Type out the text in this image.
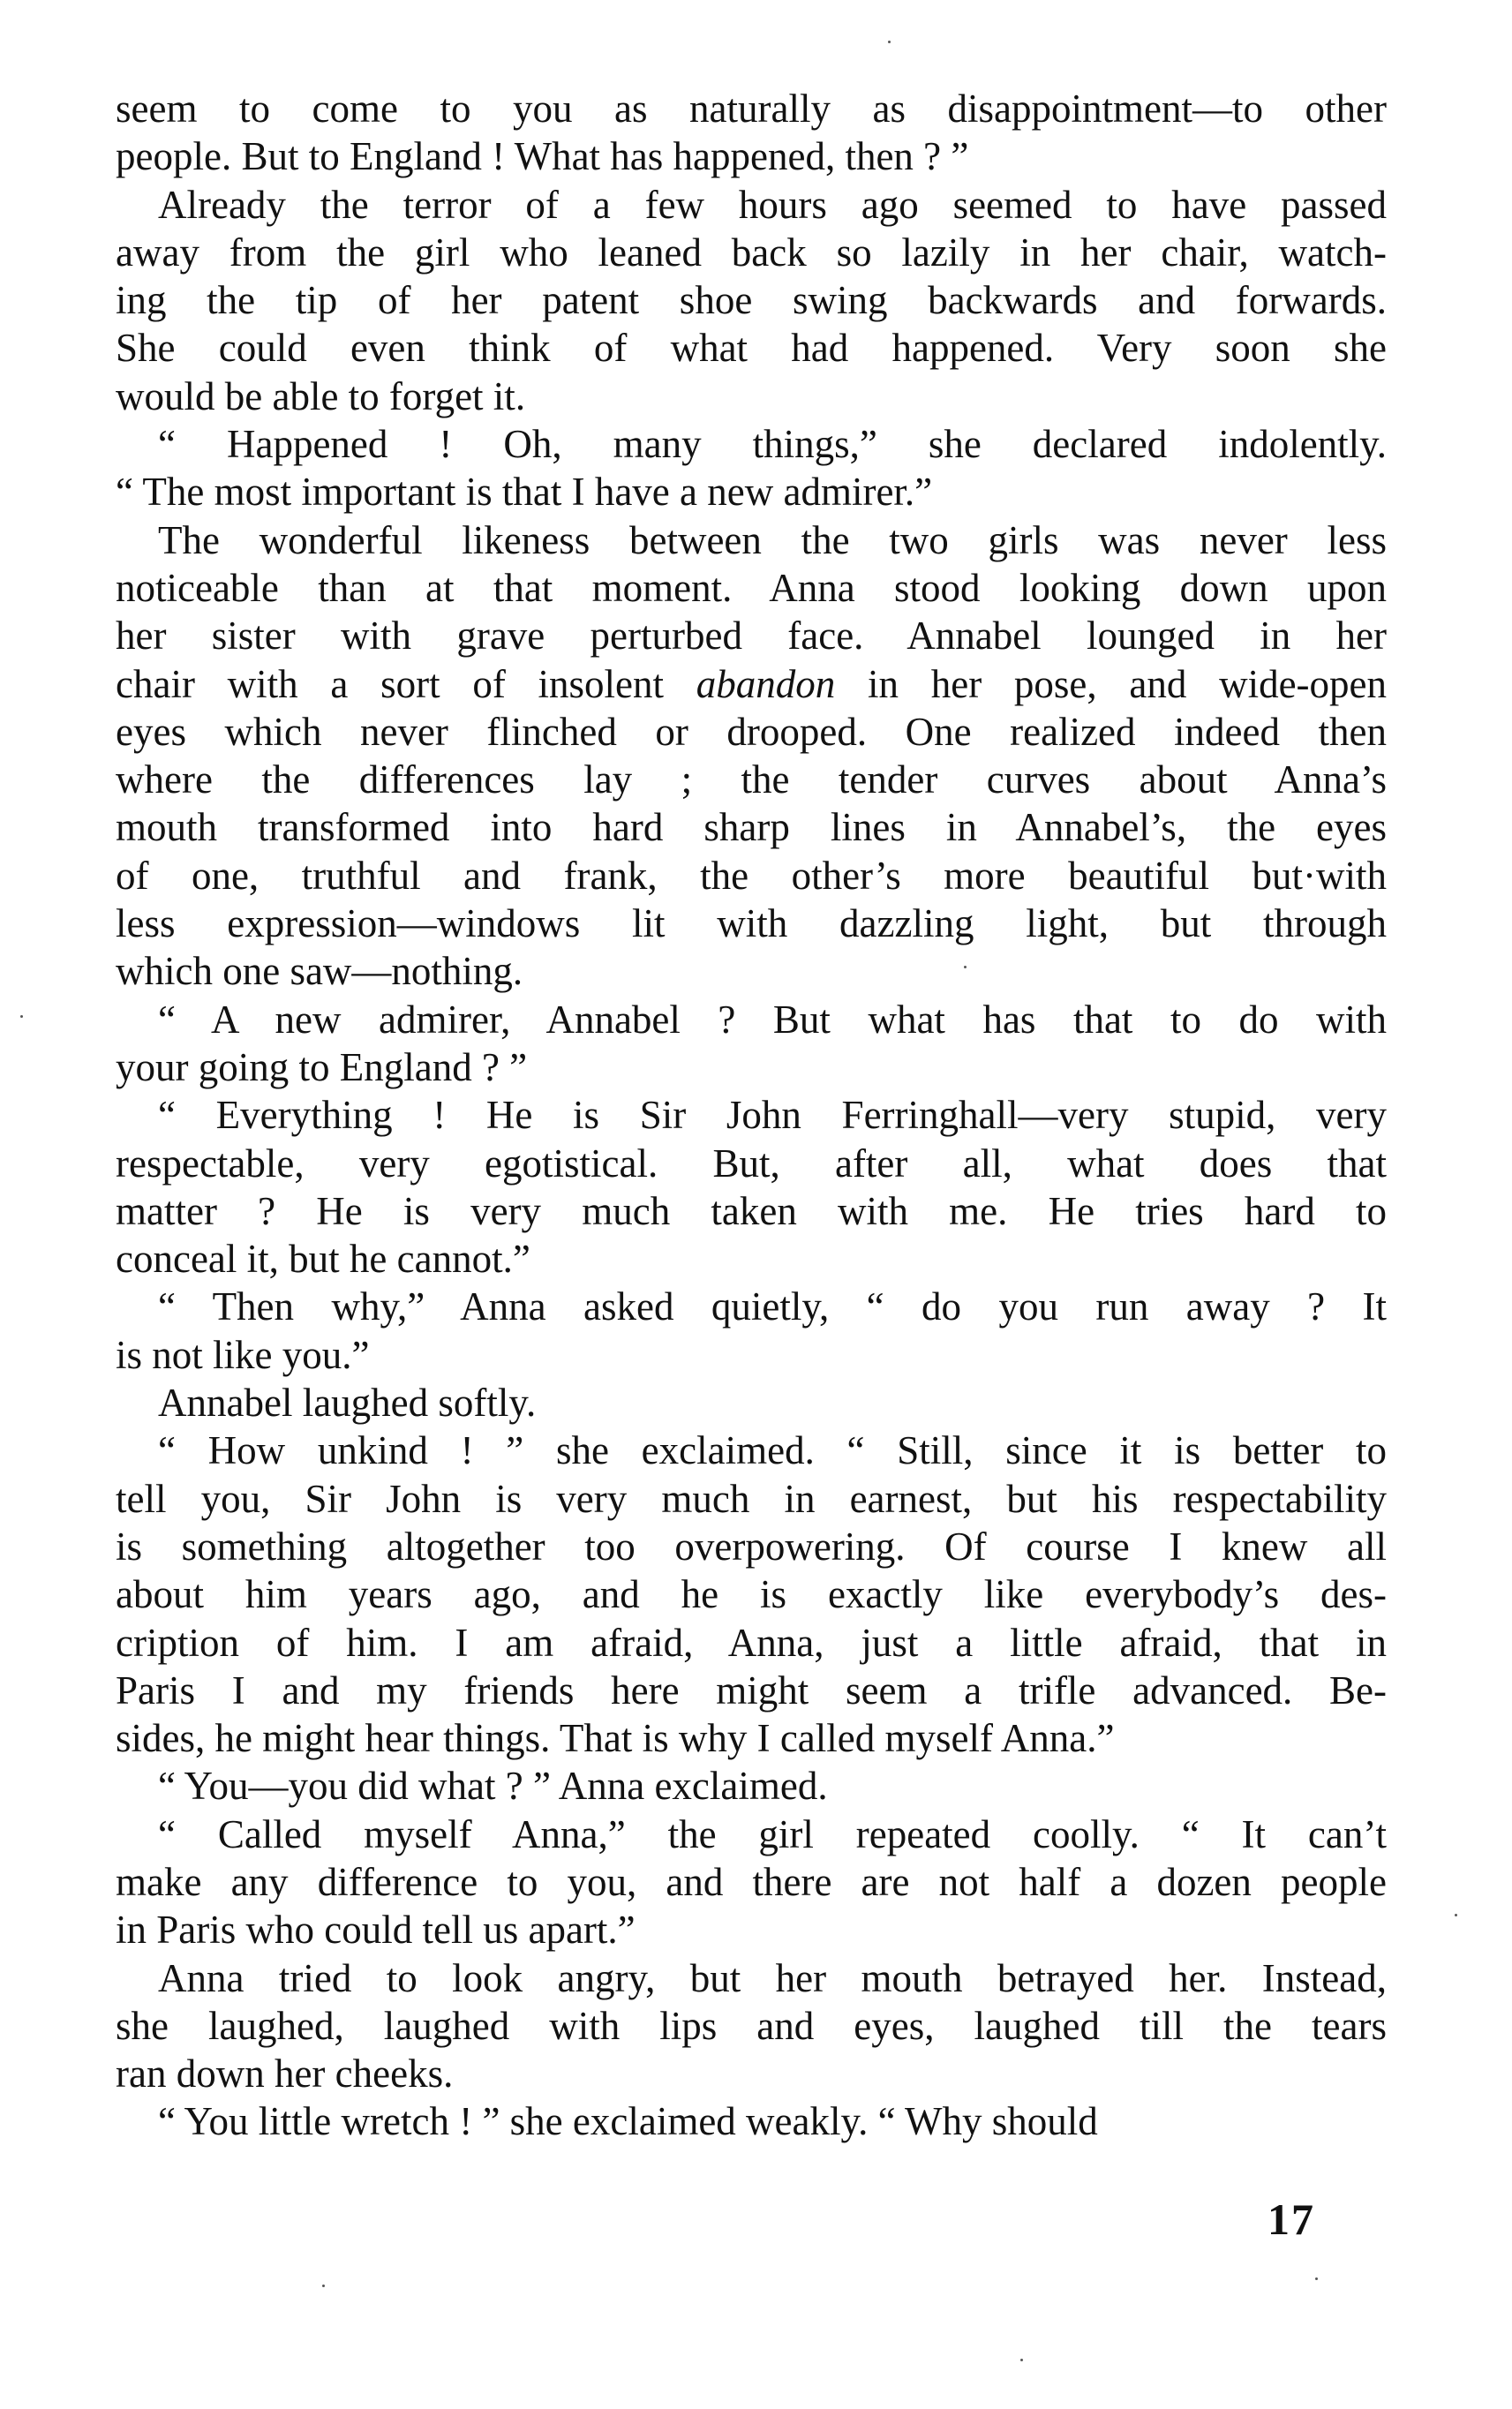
seem to come to you as naturally as disappointment—to other
people. But to England ! What has happened, then ? ”

Already the terror of a few hours ago seemed to have passed
away from the girl who leaned back so lazily in her chair, watch-
ing the tip of her patent shoe swing backwards and forwards.
She could even think of what had happened. Very soon she
would be able to forget it.

“ Happened ! Oh, many things,” she declared indolently.
“ The most important is that I have a new admirer.”

The wonderful likeness between the two girls was never less
noticeable than at that moment. Anna stood looking down upon
her sister with grave perturbed face. Annabel lounged in her
chair with a sort of insolent abandon in her pose, and wide-open
eyes which never flinched or drooped. One realized indeed then
where the differences lay ; the tender curves about Anna’s
mouth transformed into hard sharp lines in Annabel’s, the eyes
of one, truthful and frank, the other’s more beautiful but·with
less expression—windows lit with dazzling light, but through
which one saw—nothing.

“ A new admirer, Annabel ? But what has that to do with
your going to England ? ”

“ Everything ! He is Sir John Ferringhall—very stupid, very
respectable, very egotistical. But, after all, what does that
matter ? He is very much taken with me. He tries hard to
conceal it, but he cannot.”

“ Then why,” Anna asked quietly, “ do you run away ? It
is not like you.”

Annabel laughed softly.

“ How unkind ! ” she exclaimed. “ Still, since it is better to
tell you, Sir John is very much in earnest, but his respectability
is something altogether too overpowering. Of course I knew all
about him years ago, and he is exactly like everybody’s des-
cription of him. I am afraid, Anna, just a little afraid, that in
Paris I and my friends here might seem a trifle advanced. Be-
sides, he might hear things. That is why I called myself Anna.”

“ You—you did what ? ” Anna exclaimed.

“ Called myself Anna,” the girl repeated coolly. “ It can’t
make any difference to you, and there are not half a dozen people
in Paris who could tell us apart.”

Anna tried to look angry, but her mouth betrayed her. Instead,
she laughed, laughed with lips and eyes, laughed till the tears
ran down her cheeks.

“ You little wretch ! ” she exclaimed weakly. “ Why should

17
